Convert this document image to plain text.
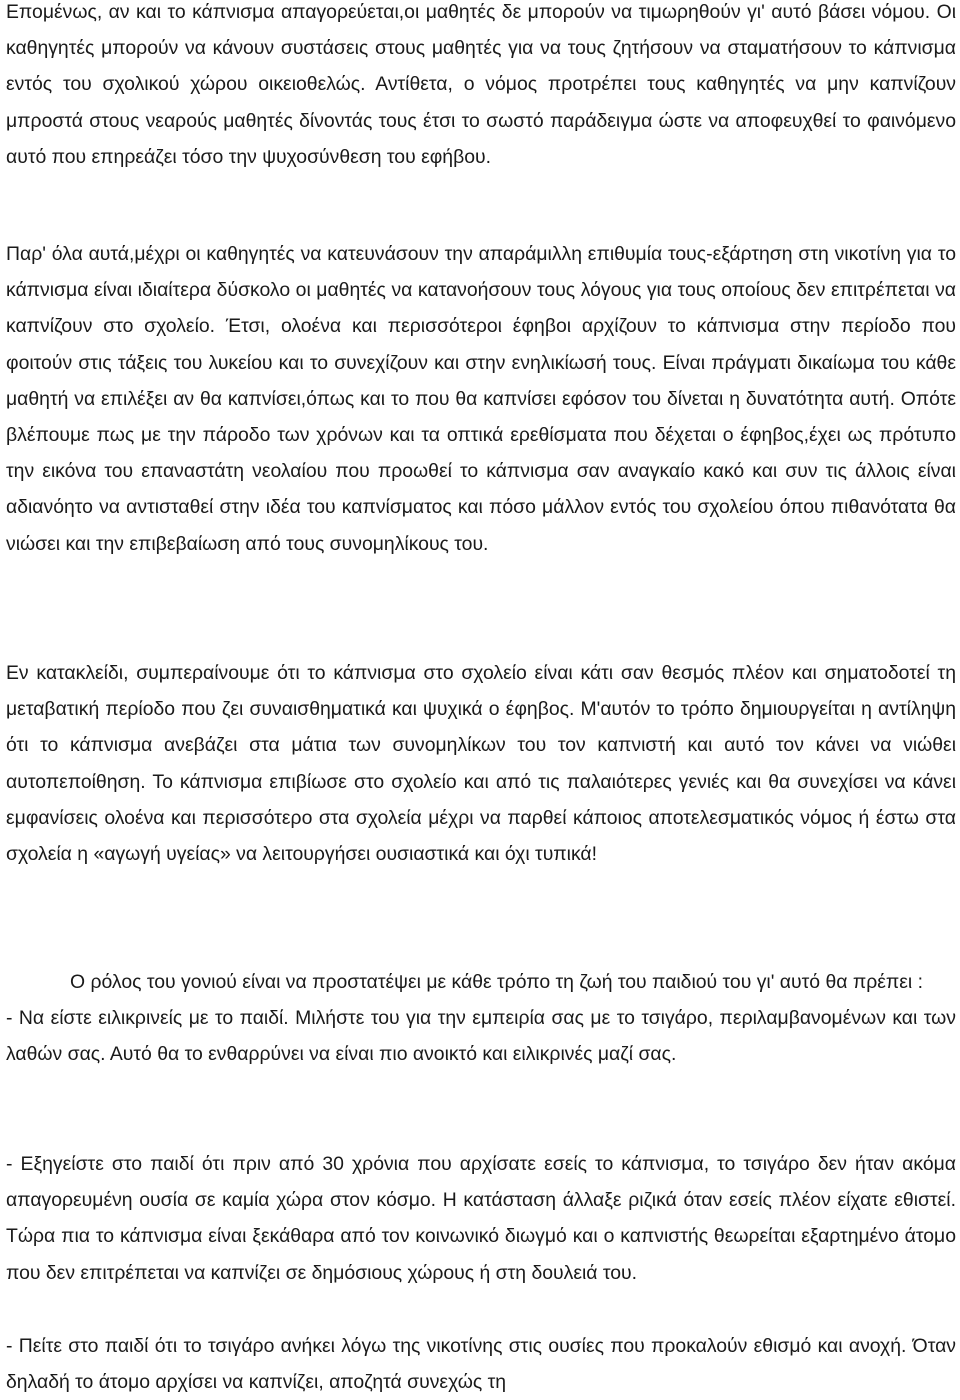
Επομένως, αν και το κάπνισμα απαγορεύεται,οι μαθητές δε μπορούν να τιμωρηθούν γι' αυτό βάσει νόμου. Οι καθηγητές μπορούν να κάνουν συστάσεις στους μαθητές για να τους ζητήσουν να σταματήσουν το κάπνισμα εντός του σχολικού χώρου οικειοθελώς. Αντίθετα, ο νόμος προτρέπει τους καθηγητές να μην καπνίζουν μπροστά στους νεαρούς μαθητές δίνοντάς τους έτσι το σωστό παράδειγμα ώστε να αποφευχθεί το φαινόμενο αυτό που επηρεάζει τόσο την ψυχοσύνθεση του εφήβου.

Παρ' όλα αυτά,μέχρι οι καθηγητές να κατευνάσουν την απαράμιλλη επιθυμία τους-εξάρτηση στη νικοτίνη για το κάπνισμα είναι ιδιαίτερα δύσκολο οι μαθητές να κατανοήσουν τους λόγους για τους οποίους δεν επιτρέπεται να καπνίζουν στο σχολείο. Έτσι, ολοένα και περισσότεροι έφηβοι αρχίζουν το κάπνισμα στην περίοδο που φοιτούν στις τάξεις του λυκείου και το συνεχίζουν και στην ενηλικίωσή τους. Είναι πράγματι δικαίωμα του κάθε μαθητή να επιλέξει αν θα καπνίσει,όπως και το που θα καπνίσει εφόσον του δίνεται η δυνατότητα αυτή. Οπότε βλέπουμε πως με την πάροδο των χρόνων και τα οπτικά ερεθίσματα που δέχεται ο έφηβος,έχει ως πρότυπο την εικόνα του επαναστάτη νεολαίου που προωθεί το κάπνισμα σαν αναγκαίο κακό και συν τις άλλοις είναι αδιανόητο να αντισταθεί στην ιδέα του καπνίσματος και πόσο μάλλον εντός του σχολείου όπου πιθανότατα θα νιώσει και την επιβεβαίωση από τους συνομηλίκους του.

Εν κατακλείδι, συμπεραίνουμε ότι το κάπνισμα στο σχολείο είναι κάτι σαν θεσμός πλέον και σηματοδοτεί τη μεταβατική περίοδο που ζει συναισθηματικά και ψυχικά ο έφηβος. Μ'αυτόν το τρόπο δημιουργείται η αντίληψη ότι το κάπνισμα ανεβάζει στα μάτια των συνομηλίκων του τον καπνιστή και αυτό τον κάνει να νιώθει αυτοπεποίθηση. Το κάπνισμα επιβίωσε στο σχολείο και από τις παλαιότερες γενιές και θα συνεχίσει να κάνει εμφανίσεις ολοένα και περισσότερο στα σχολεία μέχρι να παρθεί κάποιος αποτελεσματικός νόμος ή έστω στα σχολεία η «αγωγή υγείας» να λειτουργήσει ουσιαστικά και όχι τυπικά!

Ο ρόλος του γονιού είναι να προστατέψει με κάθε τρόπο τη ζωή του παιδιού του γι' αυτό θα πρέπει :

- Να είστε ειλικρινείς με το παιδί. Μιλήστε του για την εμπειρία σας με το τσιγάρο, περιλαμβανομένων και των λαθών σας. Αυτό θα το ενθαρρύνει να είναι πιο ανοικτό και ειλικρινές μαζί σας.

- Εξηγείστε στο παιδί ότι πριν από 30 χρόνια που αρχίσατε εσείς το κάπνισμα, το τσιγάρο δεν ήταν ακόμα απαγορευμένη ουσία σε καμία χώρα στον κόσμο. Η κατάσταση άλλαξε ριζικά όταν εσείς πλέον είχατε εθιστεί. Τώρα πια το κάπνισμα είναι ξεκάθαρα από τον κοινωνικό διωγμό και ο καπνιστής θεωρείται εξαρτημένο άτομο που δεν επιτρέπεται να καπνίζει σε δημόσιους χώρους ή στη δουλειά του.

- Πείτε στο παιδί ότι το τσιγάρο ανήκει λόγω της νικοτίνης στις ουσίες που προκαλούν εθισμό και ανοχή. Όταν δηλαδή το άτομο αρχίσει να καπνίζει, αποζητά συνεχώς τη
